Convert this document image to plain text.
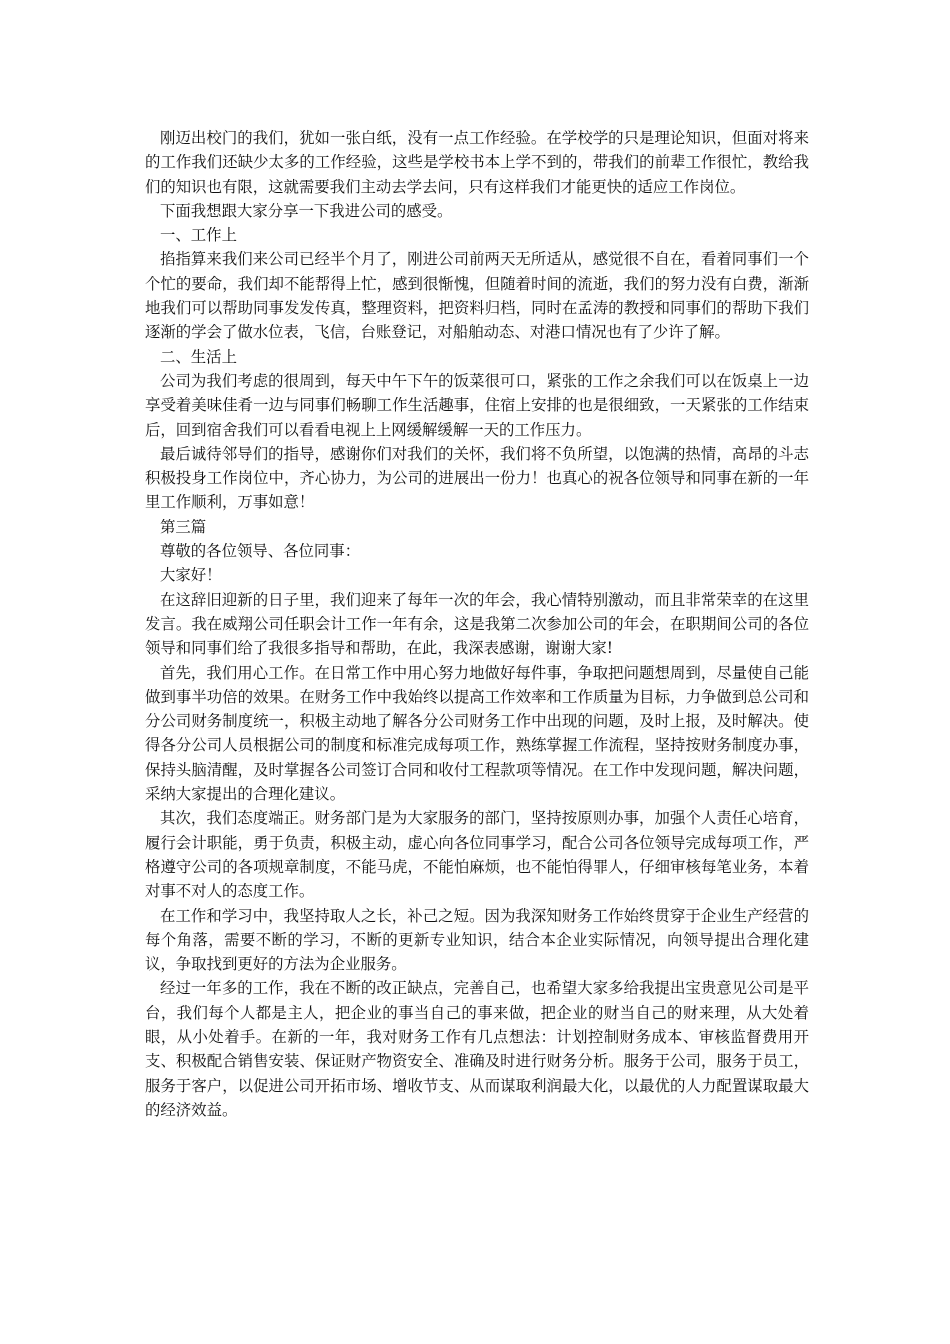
刚迈出校门的我们，犹如一张白纸，没有一点工作经验。在学校学的只是理论知识，但面对将来的工作我们还缺少太多的工作经验，这些是学校书本上学不到的，带我们的前辈工作很忙，教给我们的知识也有限，这就需要我们主动去学去问，只有这样我们才能更快的适应工作岗位。

下面我想跟大家分享一下我进公司的感受。

一、工作上

掐指算来我们来公司已经半个月了，刚进公司前两天无所适从，感觉很不自在，看着同事们一个个忙的要命，我们却不能帮得上忙，感到很惭愧，但随着时间的流逝，我们的努力没有白费，渐渐地我们可以帮助同事发发传真，整理资料，把资料归档，同时在孟涛的教授和同事们的帮助下我们逐渐的学会了做水位表，飞信，台账登记，对船舶动态、对港口情况也有了少许了解。

二、生活上

公司为我们考虑的很周到，每天中午下午的饭菜很可口，紧张的工作之余我们可以在饭桌上一边享受着美味佳肴一边与同事们畅聊工作生活趣事，住宿上安排的也是很细致，一天紧张的工作结束后，回到宿舍我们可以看看电视上上网缓解缓解一天的工作压力。

最后诚待邻导们的指导，感谢你们对我们的关怀，我们将不负所望，以饱满的热情，高昂的斗志积极投身工作岗位中，齐心协力，为公司的进展出一份力！也真心的祝各位领导和同事在新的一年里工作顺利，万事如意！

第三篇

尊敬的各位领导、各位同事：

大家好！

在这辞旧迎新的日子里，我们迎来了每年一次的年会，我心情特别激动，而且非常荣幸的在这里发言。我在威翔公司任职会计工作一年有余，这是我第二次参加公司的年会，在职期间公司的各位领导和同事们给了我很多指导和帮助，在此，我深表感谢，谢谢大家!

首先，我们用心工作。在日常工作中用心努力地做好每件事，争取把问题想周到，尽量使自己能做到事半功倍的效果。在财务工作中我始终以提高工作效率和工作质量为目标，力争做到总公司和分公司财务制度统一，积极主动地了解各分公司财务工作中出现的问题，及时上报，及时解决。使得各分公司人员根据公司的制度和标准完成每项工作，熟练掌握工作流程，坚持按财务制度办事，保持头脑清醒，及时掌握各公司签订合同和收付工程款项等情况。在工作中发现问题，解决问题，采纳大家提出的合理化建议。

其次，我们态度端正。财务部门是为大家服务的部门，坚持按原则办事，加强个人责任心培育，履行会计职能，勇于负责，积极主动，虚心向各位同事学习，配合公司各位领导完成每项工作，严格遵守公司的各项规章制度，不能马虎，不能怕麻烦，也不能怕得罪人，仔细审核每笔业务，本着对事不对人的态度工作。

在工作和学习中，我坚持取人之长，补己之短。因为我深知财务工作始终贯穿于企业生产经营的每个角落，需要不断的学习，不断的更新专业知识，结合本企业实际情况，向领导提出合理化建议，争取找到更好的方法为企业服务。

经过一年多的工作，我在不断的改正缺点，完善自己，也希望大家多给我提出宝贵意见公司是平台，我们每个人都是主人，把企业的事当自己的事来做，把企业的财当自己的财来理，从大处着眼，从小处着手。在新的一年，我对财务工作有几点想法：计划控制财务成本、审核监督费用开支、积极配合销售安装、保证财产物资安全、准确及时进行财务分析。服务于公司，服务于员工，服务于客户，以促进公司开拓市场、增收节支、从而谋取利润最大化，以最优的人力配置谋取最大的经济效益。
